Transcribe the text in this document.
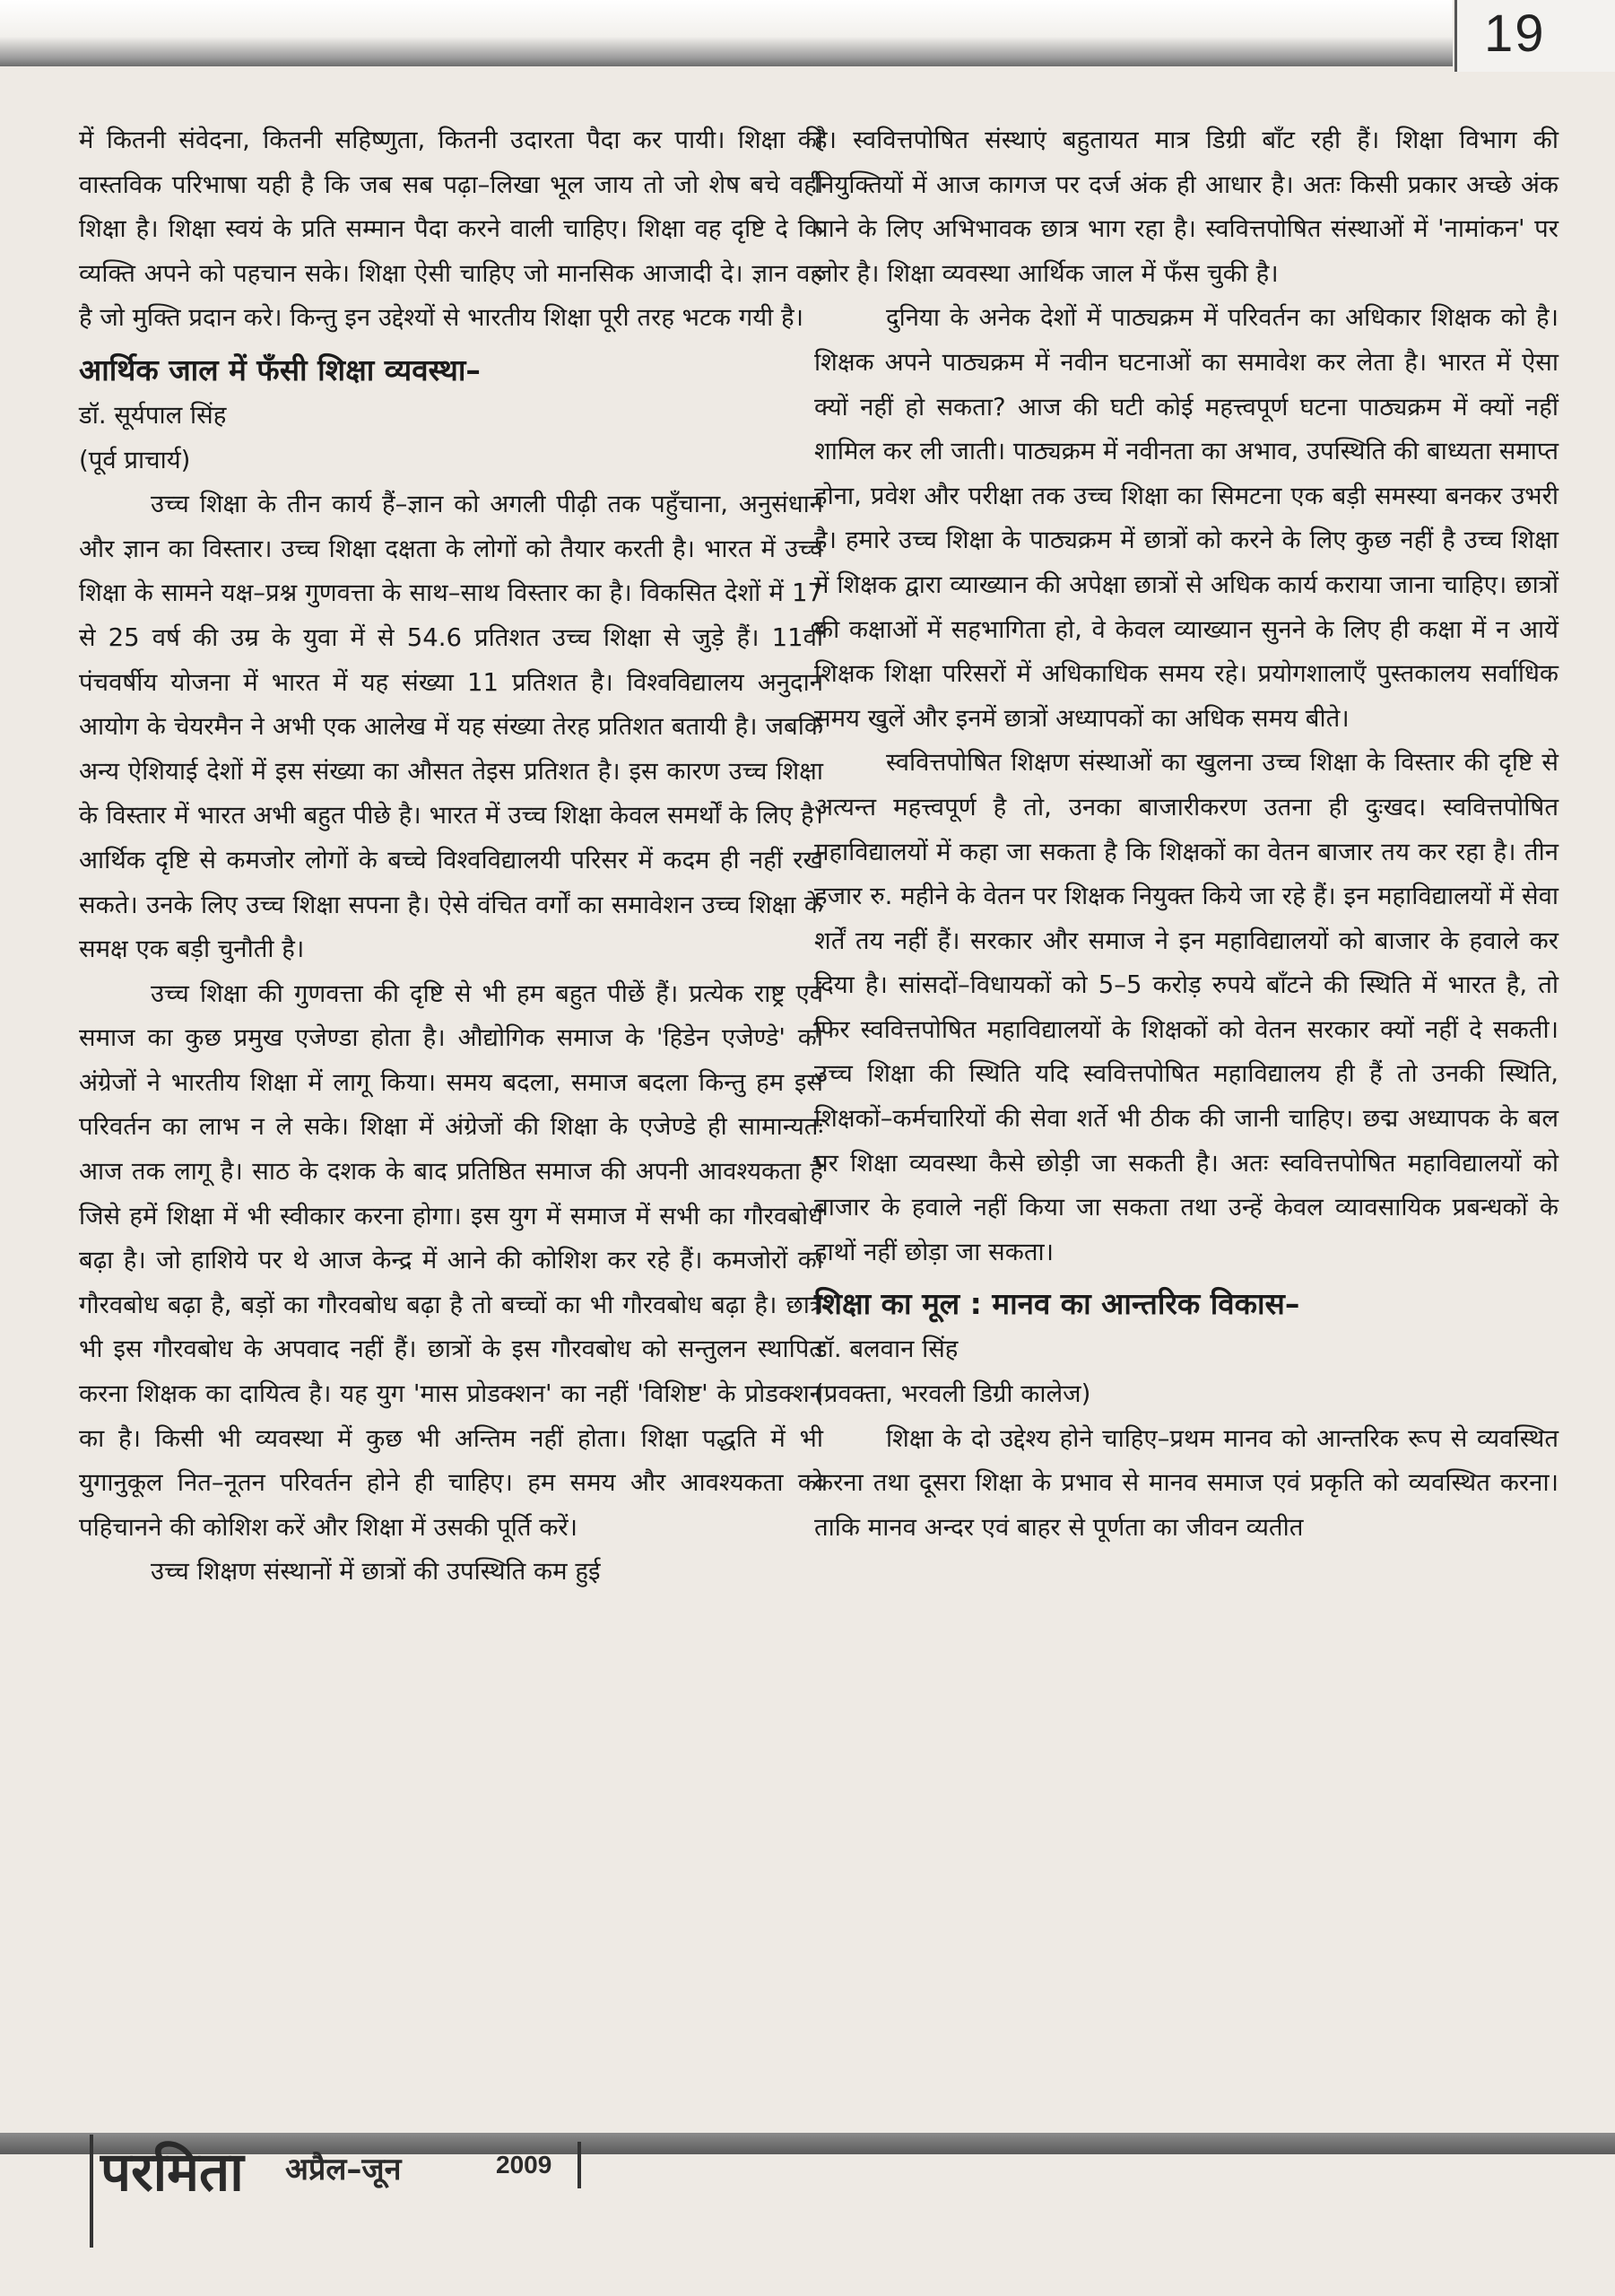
19

में कितनी संवेदना, कितनी सहिष्णुता, कितनी उदारता पैदा कर पायी। शिक्षा की वास्तविक परिभाषा यही है कि जब सब पढ़ा–लिखा भूल जाय तो जो शेष बचे वही शिक्षा है। शिक्षा स्वयं के प्रति सम्मान पैदा करने वाली चाहिए। शिक्षा वह दृष्टि दे कि व्यक्ति अपने को पहचान सके। शिक्षा ऐसी चाहिए जो मानसिक आजादी दे। ज्ञान वह है जो मुक्ति प्रदान करे। किन्तु इन उद्देश्यों से भारतीय शिक्षा पूरी तरह भटक गयी है।

आर्थिक जाल में फँसी शिक्षा व्यवस्था–

डॉ. सूर्यपाल सिंह

(पूर्व प्राचार्य)

उच्च शिक्षा के तीन कार्य हैं–ज्ञान को अगली पीढ़ी तक पहुँचाना, अनुसंधान और ज्ञान का विस्तार। उच्च शिक्षा दक्षता के लोगों को तैयार करती है। भारत में उच्च शिक्षा के सामने यक्ष–प्रश्न गुणवत्ता के साथ–साथ विस्तार का है। विकसित देशों में 17 से 25 वर्ष की उम्र के युवा में से 54.6 प्रतिशत उच्च शिक्षा से जुड़े हैं। 11वीं पंचवर्षीय योजना में भारत में यह संख्या 11 प्रतिशत है। विश्वविद्यालय अनुदान आयोग के चेयरमैन ने अभी एक आलेख में यह संख्या तेरह प्रतिशत बतायी है। जबकि अन्य ऐशियाई देशों में इस संख्या का औसत तेइस प्रतिशत है। इस कारण उच्च शिक्षा के विस्तार में भारत अभी बहुत पीछे है। भारत में उच्च शिक्षा केवल समर्थों के लिए है। आर्थिक दृष्टि से कमजोर लोगों के बच्चे विश्वविद्यालयी परिसर में कदम ही नहीं रख सकते। उनके लिए उच्च शिक्षा सपना है। ऐसे वंचित वर्गों का समावेशन उच्च शिक्षा के समक्ष एक बड़ी चुनौती है।

उच्च शिक्षा की गुणवत्ता की दृष्टि से भी हम बहुत पीछें हैं। प्रत्येक राष्ट्र एवं समाज का कुछ प्रमुख एजेण्डा होता है। औद्योगिक समाज के 'हिडेन एजेण्डे' को अंग्रेजों ने भारतीय शिक्षा में लागू किया। समय बदला, समाज बदला किन्तु हम इस परिवर्तन का लाभ न ले सके। शिक्षा में अंग्रेजों की शिक्षा के एजेण्डे ही सामान्यतः आज तक लागू है। साठ के दशक के बाद प्रतिष्ठित समाज की अपनी आवश्यकता है जिसे हमें शिक्षा में भी स्वीकार करना होगा। इस युग में समाज में सभी का गौरवबोध बढ़ा है। जो हाशिये पर थे आज केन्द्र में आने की कोशिश कर रहे हैं। कमजोरों का गौरवबोध बढ़ा है, बड़ों का गौरवबोध बढ़ा है तो बच्चों का भी गौरवबोध बढ़ा है। छात्र भी इस गौरवबोध के अपवाद नहीं हैं। छात्रों के इस गौरवबोध को सन्तुलन स्थापित करना शिक्षक का दायित्व है। यह युग 'मास प्रोडक्शन' का नहीं 'विशिष्ट' के प्रोडक्शन का है। किसी भी व्यवस्था में कुछ भी अन्तिम नहीं होता। शिक्षा पद्धति में भी युगानुकूल नित–नूतन परिवर्तन होने ही चाहिए। हम समय और आवश्यकता को पहिचानने की कोशिश करें और शिक्षा में उसकी पूर्ति करें।

उच्च शिक्षण संस्थानों में छात्रों की उपस्थिति कम हुई

है। स्ववित्तपोषित संस्थाएं बहुतायत मात्र डिग्री बाँट रही हैं। शिक्षा विभाग की नियुक्तियों में आज कागज पर दर्ज अंक ही आधार है। अतः किसी प्रकार अच्छे अंक पाने के लिए अभिभावक छात्र भाग रहा है। स्ववित्तपोषित संस्थाओं में 'नामांकन' पर जोर है। शिक्षा व्यवस्था आर्थिक जाल में फँस चुकी है।

दुनिया के अनेक देशों में पाठ्यक्रम में परिवर्तन का अधिकार शिक्षक को है। शिक्षक अपने पाठ्यक्रम में नवीन घटनाओं का समावेश कर लेता है। भारत में ऐसा क्यों नहीं हो सकता? आज की घटी कोई महत्त्वपूर्ण घटना पाठ्यक्रम में क्यों नहीं शामिल कर ली जाती। पाठ्यक्रम में नवीनता का अभाव, उपस्थिति की बाध्यता समाप्त होना, प्रवेश और परीक्षा तक उच्च शिक्षा का सिमटना एक बड़ी समस्या बनकर उभरी है। हमारे उच्च शिक्षा के पाठ्यक्रम में छात्रों को करने के लिए कुछ नहीं है उच्च शिक्षा में शिक्षक द्वारा व्याख्यान की अपेक्षा छात्रों से अधिक कार्य कराया जाना चाहिए। छात्रों की कक्षाओं में सहभागिता हो, वे केवल व्याख्यान सुनने के लिए ही कक्षा में न आयें शिक्षक शिक्षा परिसरों में अधिकाधिक समय रहे। प्रयोगशालाएँ पुस्तकालय सर्वाधिक समय खुलें और इनमें छात्रों अध्यापकों का अधिक समय बीते।

स्ववित्तपोषित शिक्षण संस्थाओं का खुलना उच्च शिक्षा के विस्तार की दृष्टि से अत्यन्त महत्त्वपूर्ण है तो, उनका बाजारीकरण उतना ही दुःखद। स्ववित्तपोषित महाविद्यालयों में कहा जा सकता है कि शिक्षकों का वेतन बाजार तय कर रहा है। तीन हजार रु. महीने के वेतन पर शिक्षक नियुक्त किये जा रहे हैं। इन महाविद्यालयों में सेवा शर्तें तय नहीं हैं। सरकार और समाज ने इन महाविद्यालयों को बाजार के हवाले कर दिया है। सांसदों–विधायकों को 5–5 करोड़ रुपये बाँटने की स्थिति में भारत है, तो फिर स्ववित्तपोषित महाविद्यालयों के शिक्षकों को वेतन सरकार क्यों नहीं दे सकती। उच्च शिक्षा की स्थिति यदि स्ववित्तपोषित महाविद्यालय ही हैं तो उनकी स्थिति, शिक्षकों–कर्मचारियों की सेवा शर्ते भी ठीक की जानी चाहिए। छद्म अध्यापक के बल पर शिक्षा व्यवस्था कैसे छोड़ी जा सकती है। अतः स्ववित्तपोषित महाविद्यालयों को बाजार के हवाले नहीं किया जा सकता तथा उन्हें केवल व्यावसायिक प्रबन्धकों के हाथों नहीं छोड़ा जा सकता।

शिक्षा का मूल : मानव का आन्तरिक विकास–

डॉ. बलवान सिंह

(प्रवक्ता, भरवली डिग्री कालेज)

शिक्षा के दो उद्देश्य होने चाहिए–प्रथम मानव को आन्तरिक रूप से व्यवस्थित करना तथा दूसरा शिक्षा के प्रभाव से मानव समाज एवं प्रकृति को व्यवस्थित करना। ताकि मानव अन्दर एवं बाहर से पूर्णता का जीवन व्यतीत

परमिता अप्रैल–जून	2009
